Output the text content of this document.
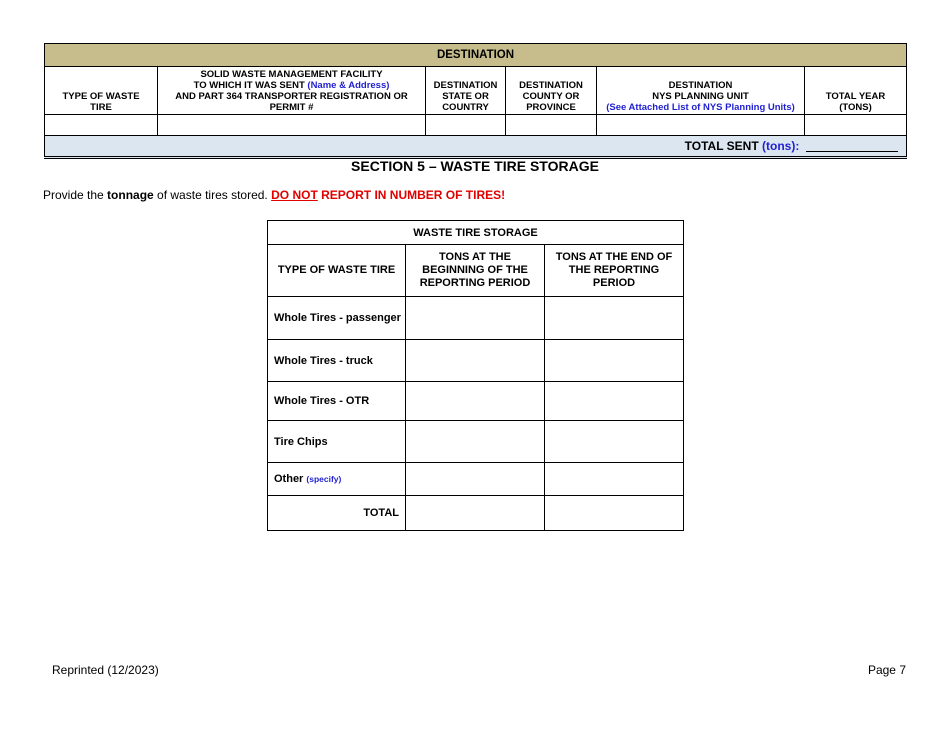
DESTINATION					
TYPE OF WASTE
TIRE	SOLID WASTE MANAGEMENT FACILITY
TO WHICH IT WAS SENT (Name & Address)
AND PART 364 TRANSPORTER REGISTRATION OR
PERMIT #	DESTINATION
STATE OR
COUNTRY	DESTINATION
COUNTY OR
PROVINCE	DESTINATION
NYS PLANNING UNIT
(See Attached List of NYS Planning Units)	TOTAL YEAR
(TONS)

TOTAL SENT (tons):					
SECTION 5 – WASTE TIRE STORAGE

Provide the tonnage of waste tires stored. DO NOT REPORT IN NUMBER OF TIRES!

WASTE TIRE STORAGE		
TYPE OF WASTE TIRE	TONS AT THE BEGINNING OF THE REPORTING PERIOD	TONS AT THE END OF THE REPORTING PERIOD
Whole Tires - passenger		
Whole Tires - truck		
Whole Tires - OTR		
Tire Chips		
Other (specify)		
TOTAL		

Reprinted (12/2023)	Page 7
